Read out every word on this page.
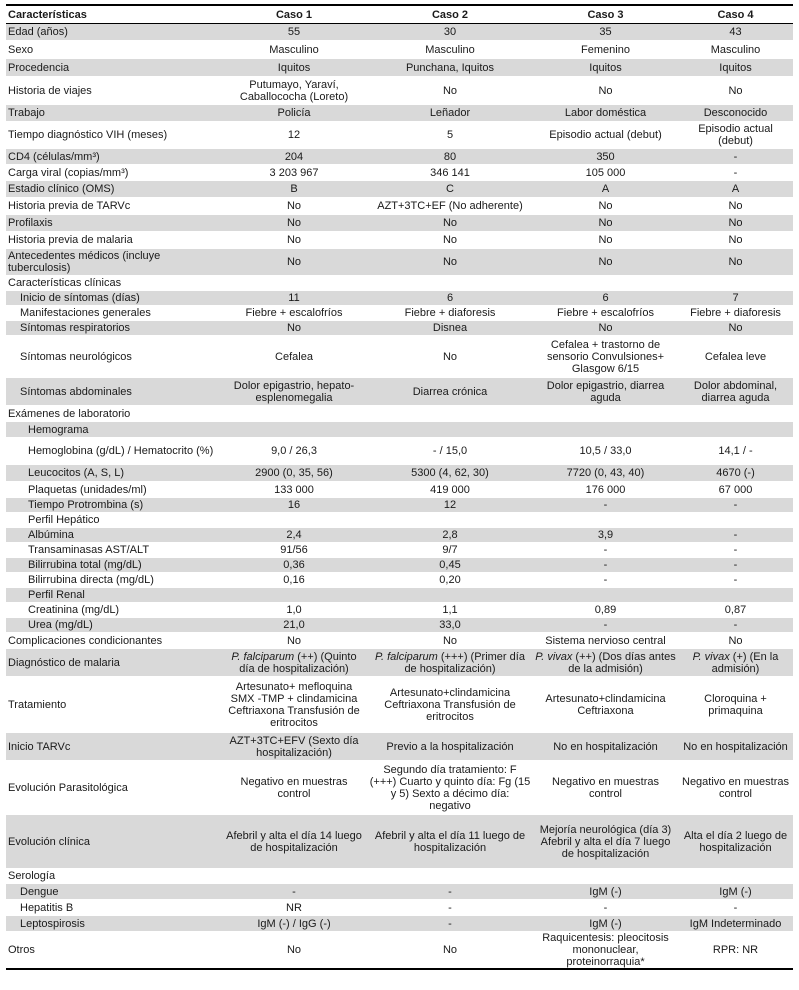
Características	Caso 1	Caso 2	Caso 3	Caso 4
Edad (años)	55	30	35	43
Sexo	Masculino	Masculino	Femenino	Masculino
Procedencia	Iquitos	Punchana, Iquitos	Iquitos	Iquitos
Historia de viajes	Putumayo, Yaraví, Caballococha (Loreto)	No	No	No
Trabajo	Policía	Leñador	Labor doméstica	Desconocido
Tiempo diagnóstico VIH (meses)	12	5	Episodio actual (debut)	Episodio actual (debut)
CD4 (células/mm³)	204	80	350	-
Carga viral (copias/mm³)	3 203 967	346 141	105 000	-
Estadio clínico (OMS)	B	C	A	A
Historia previa de TARVc	No	AZT+3TC+EF (No adherente)	No	No
Profilaxis	No	No	No	No
Historia previa de malaria	No	No	No	No
Antecedentes médicos (incluye tuberculosis)	No	No	No	No
Características clínicas				
Inicio de síntomas (días)	11	6	6	7
Manifestaciones generales	Fiebre + escalofríos	Fiebre + diaforesis	Fiebre + escalofríos	Fiebre + diaforesis
Síntomas respiratorios	No	Disnea	No	No
Síntomas neurológicos	Cefalea	No	Cefalea + trastorno de sensorio Convulsiones+ Glasgow 6/15	Cefalea leve
Síntomas abdominales	Dolor epigastrio, hepato-esplenomegalia	Diarrea crónica	Dolor epigastrio, diarrea aguda	Dolor abdominal, diarrea aguda
Exámenes de laboratorio				
Hemograma				
Hemoglobina (g/dL) / Hematocrito (%)	9,0 / 26,3	- / 15,0	10,5 / 33,0	14,1 / -
Leucocitos (A, S, L)	2900 (0, 35, 56)	5300 (4, 62, 30)	7720 (0, 43, 40)	4670 (-)
Plaquetas (unidades/ml)	133 000	419 000	176 000	67 000
Tiempo Protrombina (s)	16	12	-	-
Perfil Hepático				
Albúmina	2,4	2,8	3,9	-
Transaminasas AST/ALT	91/56	9/7	-	-
Bilirrubina total (mg/dL)	0,36	0,45	-	-
Bilirrubina directa (mg/dL)	0,16	0,20	-	-
Perfil Renal				
Creatinina (mg/dL)	1,0	1,1	0,89	0,87
Urea (mg/dL)	21,0	33,0	-	-
Complicaciones condicionantes	No	No	Sistema nervioso central	No
Diagnóstico de malaria	P. falciparum (++) (Quinto día de hospitalización)	P. falciparum (+++) (Primer día de hospitalización)	P. vivax (++) (Dos días antes de la admisión)	P. vivax (+) (En la admisión)
Tratamiento	Artesunato+ mefloquina SMX -TMP + clindamicina Ceftriaxona Transfusión de eritrocitos	Artesunato+clindamicina Ceftriaxona Transfusión de eritrocitos	Artesunato+clindamicina Ceftriaxona	Cloroquina + primaquina
Inicio TARVc	AZT+3TC+EFV (Sexto día hospitalización)	Previo a la hospitalización	No en hospitalización	No en hospitalización
Evolución Parasitológica	Negativo en muestras control	Segundo día tratamiento: F (+++) Cuarto y quinto día: Fg (15 y 5) Sexto a décimo día: negativo	Negativo en muestras control	Negativo en muestras control
Evolución clínica	Afebril y alta el día 14 luego de hospitalización	Afebril y alta el día 11 luego de hospitalización	Mejoría neurológica (día 3) Afebril y alta el día 7 luego de hospitalización	Alta el día 2 luego de hospitalización
Serología				
Dengue	-	-	IgM (-)	IgM (-)
Hepatitis B	NR	-	-	-
Leptospirosis	IgM (-) / IgG (-)	-	IgM (-)	IgM Indeterminado
Otros	No	No	Raquicentesis: pleocitosis mononuclear, proteinorraquia*	RPR: NR
